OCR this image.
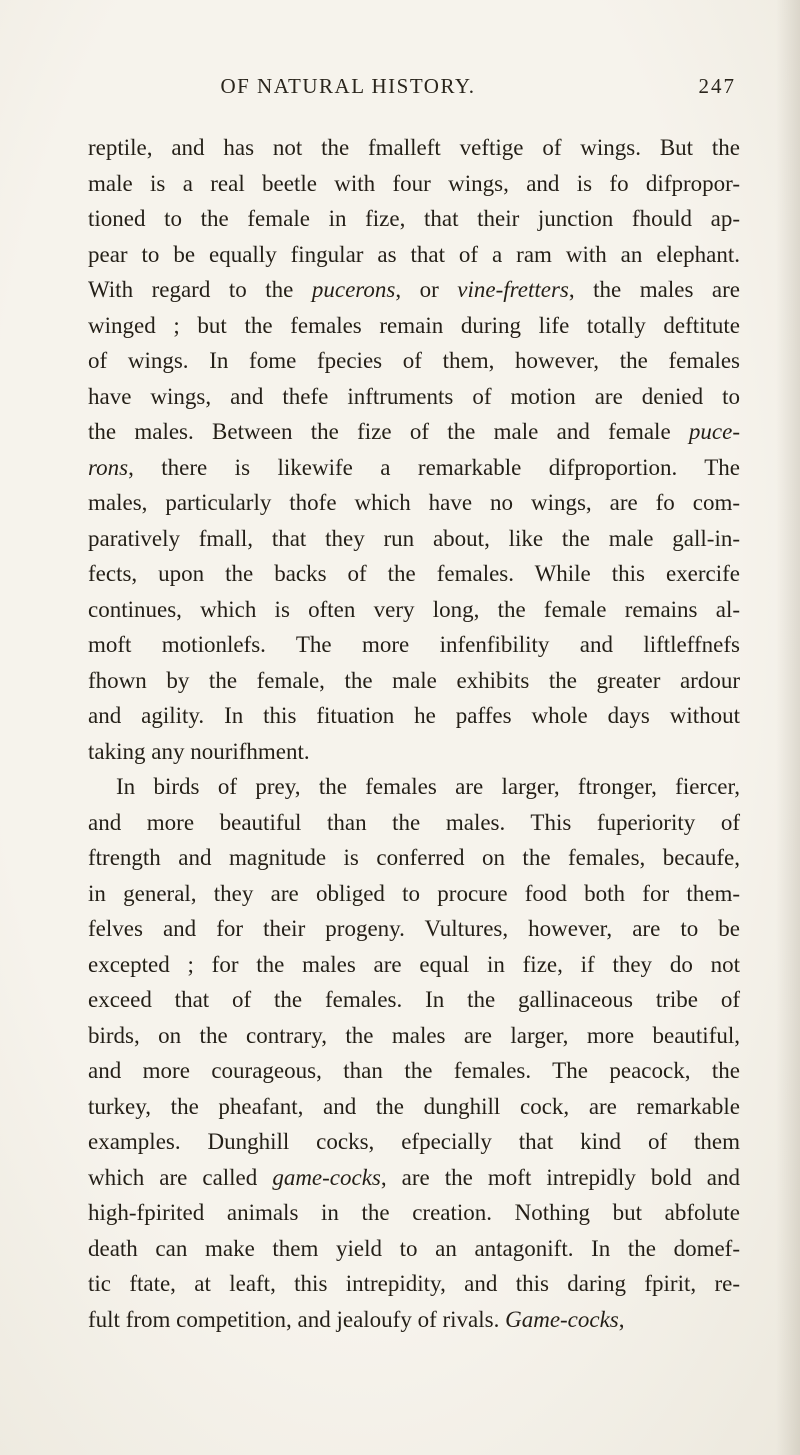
OF NATURAL HISTORY.	247
reptile, and has not the fmalleft veftige of wings. But the
male is a real beetle with four wings, and is fo difpropor-
tioned to the female in fize, that their junction fhould ap-
pear to be equally fingular as that of a ram with an elephant.
With regard to the pucerons, or vine-fretters, the males are
winged ; but the females remain during life totally deftitute
of wings. In fome fpecies of them, however, the females
have wings, and thefe inftruments of motion are denied to
the males. Between the fize of the male and female puce-
rons, there is likewife a remarkable difproportion. The
males, particularly thofe which have no wings, are fo com-
paratively fmall, that they run about, like the male gall-in-
fects, upon the backs of the females. While this exercife
continues, which is often very long, the female remains al-
moft motionlefs. The more infenfibility and liftleffnefs
fhown by the female, the male exhibits the greater ardour
and agility. In this fituation he paffes whole days without
taking any nourifhment.
In birds of prey, the females are larger, ftronger, fiercer,
and more beautiful than the males. This fuperiority of
ftrength and magnitude is conferred on the females, becaufe,
in general, they are obliged to procure food both for them-
felves and for their progeny. Vultures, however, are to be
excepted ; for the males are equal in fize, if they do not
exceed that of the females. In the gallinaceous tribe of
birds, on the contrary, the males are larger, more beautiful,
and more courageous, than the females. The peacock, the
turkey, the pheafant, and the dunghill cock, are remarkable
examples. Dunghill cocks, efpecially that kind of them
which are called game-cocks, are the moft intrepidly bold and
high-fpirited animals in the creation. Nothing but abfolute
death can make them yield to an antagonift. In the domef-
tic ftate, at leaft, this intrepidity, and this daring fpirit, re-
fult from competition, and jealoufy of rivals. Game-cocks,
